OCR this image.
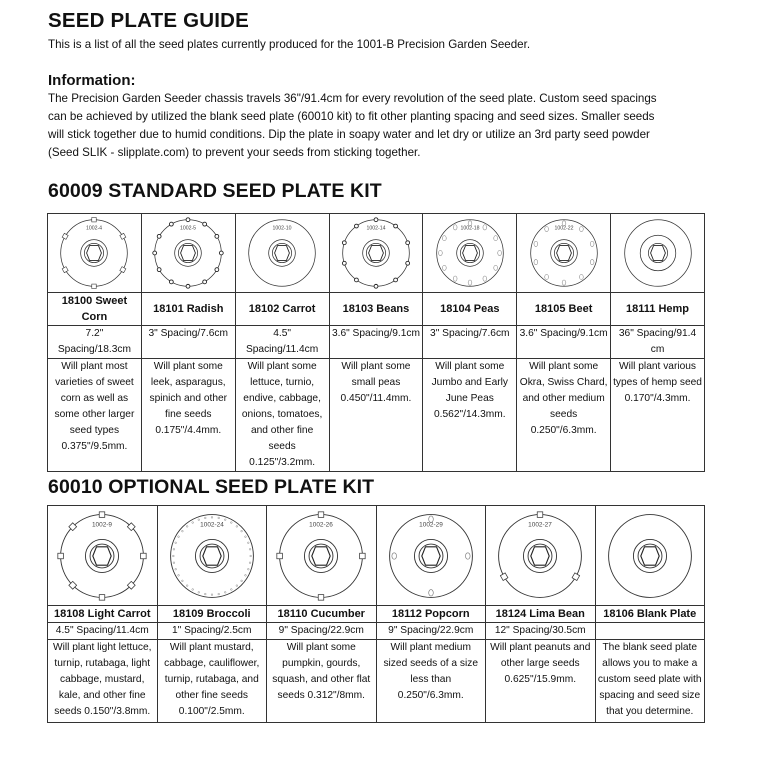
SEED PLATE GUIDE
This is a list of all the seed plates currently produced for the 1001-B Precision Garden Seeder.
Information:
The Precision Garden Seeder chassis travels 36"/91.4cm for every revolution of the seed plate. Custom seed spacings
can be achieved by utilized the blank seed plate (60010 kit) to fit other planting spacing and seed sizes. Smaller seeds
will stick together due to humid conditions. Dip the plate in soapy water and let dry or utilize an 3rd party seed powder
(Seed SLIK - slipplate.com) to prevent your seeds from sticking together.
60009 STANDARD SEED PLATE KIT
1002-4	1002-5	1002-10	1002-14	1002-18	1002-22

18100 Sweet Corn	18101 Radish	18102 Carrot	18103 Beans	18104 Peas	18105 Beet	18111 Hemp
7.2" Spacing/18.3cm	3" Spacing/7.6cm	4.5" Spacing/11.4cm	3.6" Spacing/9.1cm	3" Spacing/7.6cm	3.6" Spacing/9.1cm	36" Spacing/91.4 cm
Will plant most varieties of sweet corn as well as some other larger seed types 0.375"/9.5mm.	Will plant some leek, asparagus, spinich and other fine seeds 0.175"/4.4mm.	Will plant some lettuce, turnio, endive, cabbage, onions, tomatoes, and other fine seeds 0.125"/3.2mm.	Will plant some small peas 0.450"/11.4mm.	Will plant some Jumbo and Early June Peas 0.562"/14.3mm.	Will plant some Okra, Swiss Chard, and other medium seeds 0.250"/6.3mm.	Will plant various types of hemp seed 0.170"/4.3mm.
60010 OPTIONAL SEED PLATE KIT
1002-9	1002-24	1002-26	1002-29	1002-27

18108 Light Carrot	18109 Broccoli	18110 Cucumber	18112 Popcorn	18124 Lima Bean	18106 Blank Plate
4.5" Spacing/11.4cm	1" Spacing/2.5cm	9" Spacing/22.9cm	9" Spacing/22.9cm	12" Spacing/30.5cm	
Will plant light lettuce, turnip, rutabaga, light cabbage, mustard, kale, and other fine seeds 0.150"/3.8mm.	Will plant mustard, cabbage, cauliflower, turnip, rutabaga, and other fine seeds 0.100"/2.5mm.	Will plant some pumpkin, gourds, squash, and other flat seeds 0.312"/8mm.	Will plant medium sized seeds of a size less than 0.250"/6.3mm.	Will plant peanuts and other large seeds 0.625"/15.9mm.	The blank seed plate allows you to make a custom seed plate with spacing and seed size that you determine.
